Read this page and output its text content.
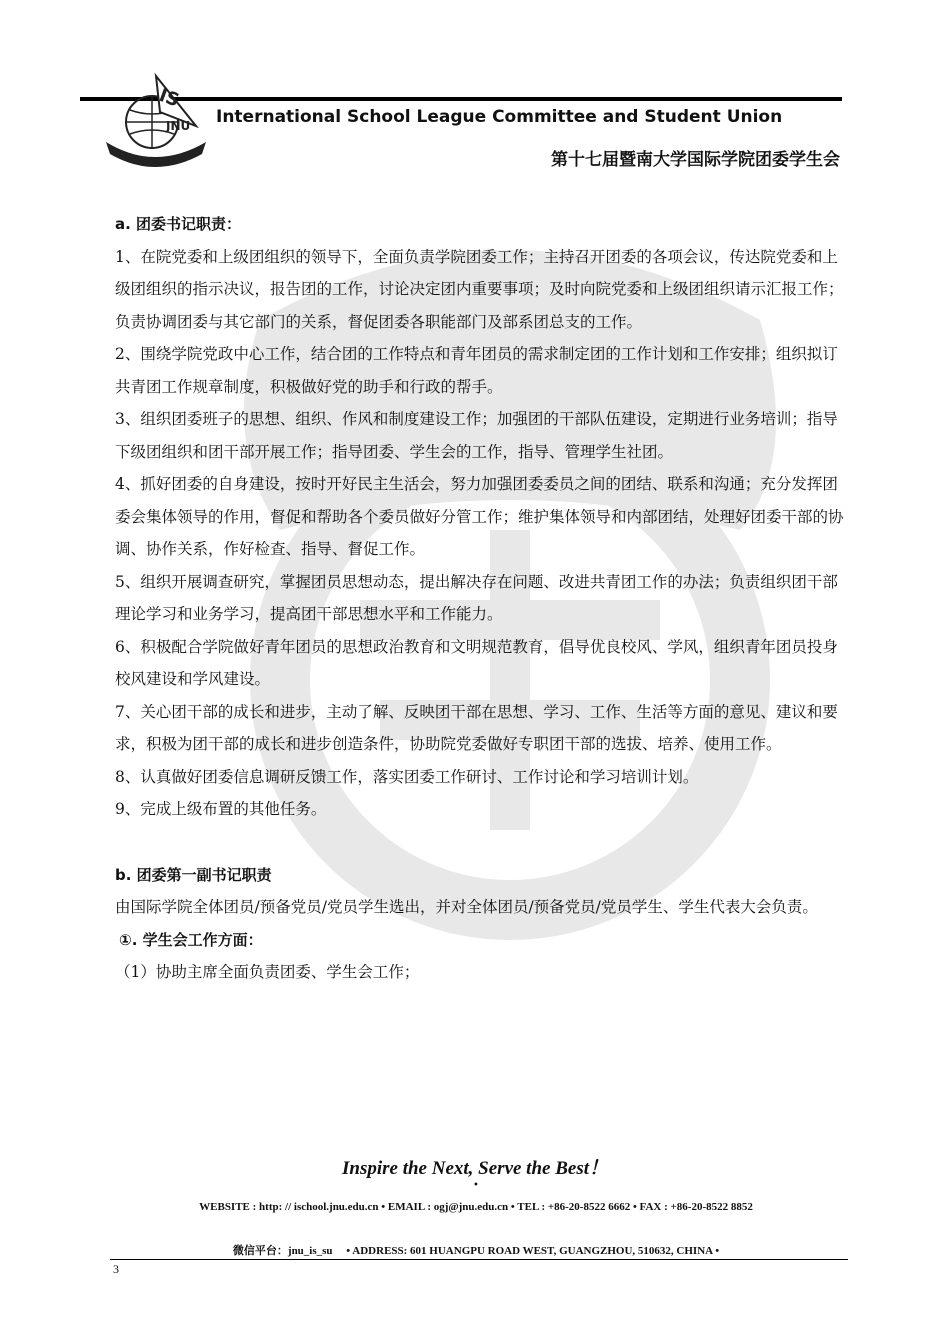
IS
JNU International School League Committee and Student Union
第十七届暨南大学国际学院团委学生会

a. 团委书记职责：

1、在院党委和上级团组织的领导下，全面负责学院团委工作；主持召开团委的各项会议，传达院党委和上级团组织的指示决议，报告团的工作，讨论决定团内重要事项；及时向院党委和上级团组织请示汇报工作；负责协调团委与其它部门的关系，督促团委各职能部门及部系团总支的工作。

2、围绕学院党政中心工作，结合团的工作特点和青年团员的需求制定团的工作计划和工作安排；组织拟订共青团工作规章制度，积极做好党的助手和行政的帮手。

3、组织团委班子的思想、组织、作风和制度建设工作；加强团的干部队伍建设，定期进行业务培训；指导下级团组织和团干部开展工作；指导团委、学生会的工作，指导、管理学生社团。

4、抓好团委的自身建设，按时开好民主生活会，努力加强团委委员之间的团结、联系和沟通；充分发挥团委会集体领导的作用，督促和帮助各个委员做好分管工作；维护集体领导和内部团结，处理好团委干部的协调、协作关系，作好检查、指导、督促工作。

5、组织开展调查研究，掌握团员思想动态，提出解决存在问题、改进共青团工作的办法；负责组织团干部理论学习和业务学习，提高团干部思想水平和工作能力。

6、积极配合学院做好青年团员的思想政治教育和文明规范教育，倡导优良校风、学风，组织青年团员投身校风建设和学风建设。

7、关心团干部的成长和进步，主动了解、反映团干部在思想、学习、工作、生活等方面的意见、建议和要求，积极为团干部的成长和进步创造条件，协助院党委做好专职团干部的选拔、培养、使用工作。

8、认真做好团委信息调研反馈工作，落实团委工作研讨、工作讨论和学习培训计划。

9、完成上级布置的其他任务。

b. 团委第一副书记职责

由国际学院全体团员/预备党员/党员学生选出，并对全体团员/预备党员/党员学生、学生代表大会负责。

①. 学生会工作方面：

（1）协助主席全面负责团委、学生会工作；

Inspire the Next, Serve the Best！
•
WEBSITE : http: // ischool.jnu.edu.cn • EMAIL : ogj@jnu.edu.cn • TEL : +86-20-8522 6662 • FAX : +86-20-8522 8852
微信平台：jnu_is_su • ADDRESS: 601 HUANGPU ROAD WEST, GUANGZHOU, 510632, CHINA •
3
